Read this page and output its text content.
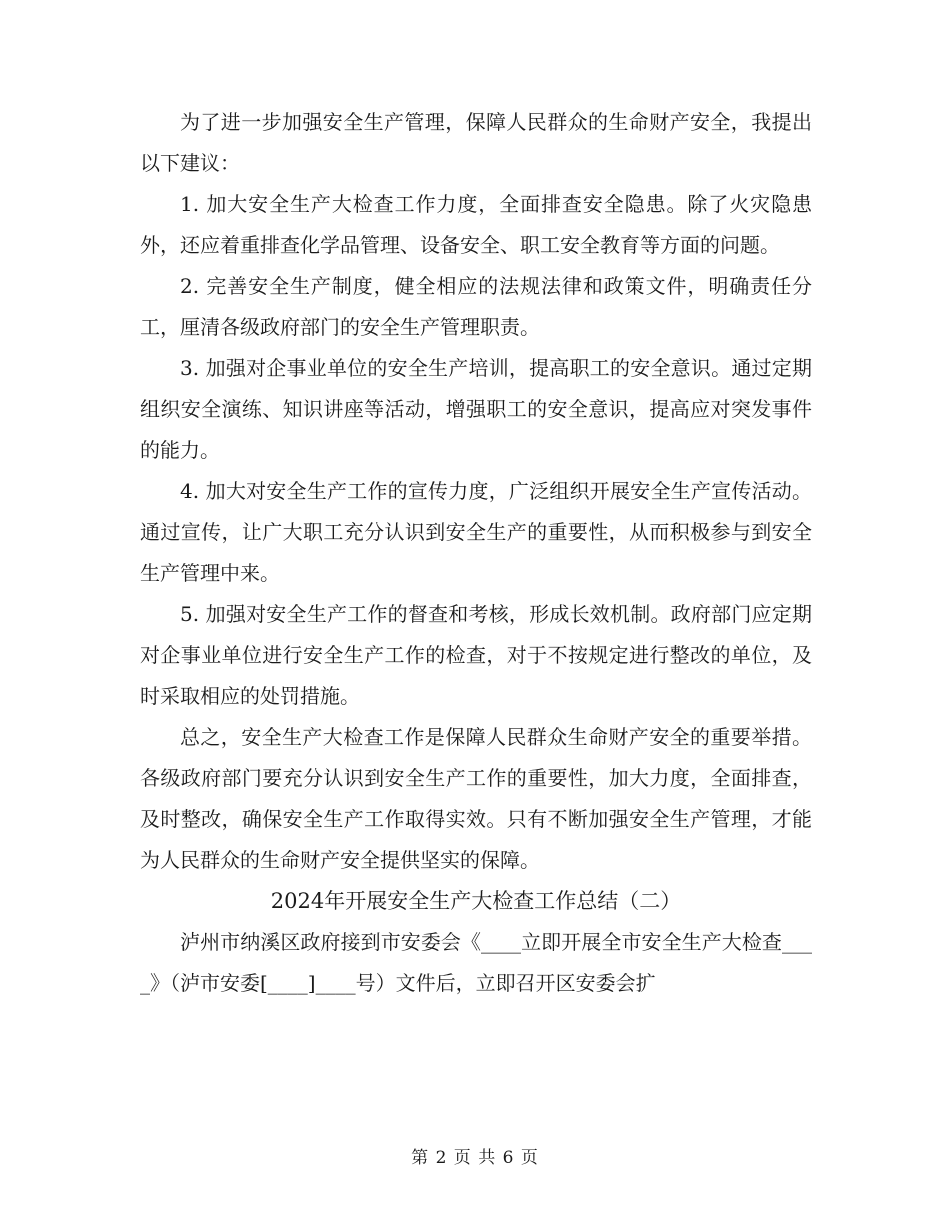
为了进一步加强安全生产管理，保障人民群众的生命财产安全，我提出以下建议：

1. 加大安全生产大检查工作力度，全面排查安全隐患。除了火灾隐患外，还应着重排查化学品管理、设备安全、职工安全教育等方面的问题。

2. 完善安全生产制度，健全相应的法规法律和政策文件，明确责任分工，厘清各级政府部门的安全生产管理职责。

3. 加强对企事业单位的安全生产培训，提高职工的安全意识。通过定期组织安全演练、知识讲座等活动，增强职工的安全意识，提高应对突发事件的能力。

4. 加大对安全生产工作的宣传力度，广泛组织开展安全生产宣传活动。通过宣传，让广大职工充分认识到安全生产的重要性，从而积极参与到安全生产管理中来。

5. 加强对安全生产工作的督查和考核，形成长效机制。政府部门应定期对企事业单位进行安全生产工作的检查，对于不按规定进行整改的单位，及时采取相应的处罚措施。

总之，安全生产大检查工作是保障人民群众生命财产安全的重要举措。各级政府部门要充分认识到安全生产工作的重要性，加大力度，全面排查，及时整改，确保安全生产工作取得实效。只有不断加强安全生产管理，才能为人民群众的生命财产安全提供坚实的保障。

2024年开展安全生产大检查工作总结（二）

泸州市纳溪区政府接到市安委会《____立即开展全市安全生产大检查____》（泸市安委[____]____号）文件后，立即召开区安委会扩

第 2 页 共 6 页
